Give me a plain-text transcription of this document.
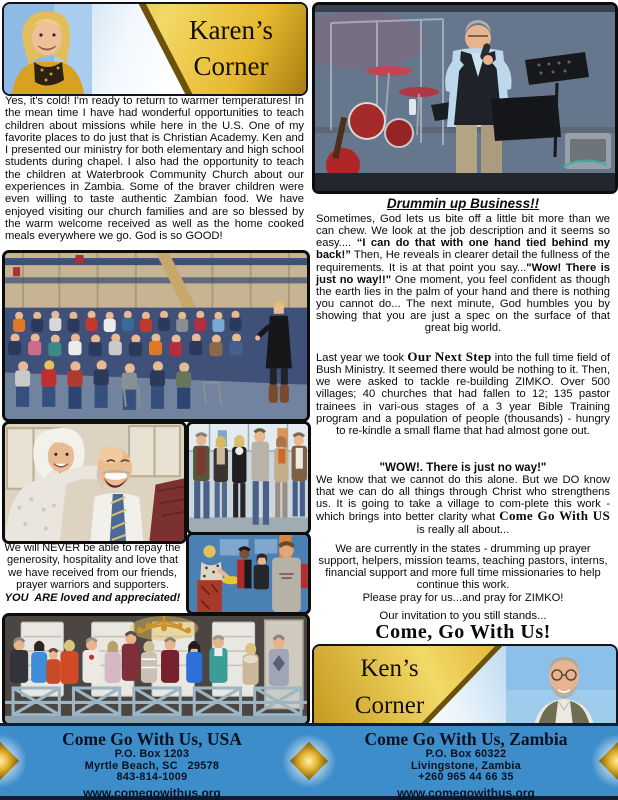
Karen’s
Corner

Yes, it's cold! I'm ready to return to warmer temperatures! In the mean time I have had wonderful opportunities to teach children about missions while here in the U.S. One of my favorite places to do just that is Christian Academy. Ken and I presented our ministry for both elementary and high school students during chapel. I also had the opportunity to teach the children at Waterbrook Community Church about our experiences in Zambia. Some of the braver children were even willing to taste authentic Zambian food. We have enjoyed visiting our church families and are so blessed by the warm welcome received as well as the home cooked meals everywhere we go. God is so GOOD!

We will NEVER be able to repay the generosity, hospitality and love that we have received from our friends, prayer warriors and supporters.
YOU  ARE loved and appreciated!
Drummin up Business!!

Sometimes, God lets us bite off a little bit more than we can chew. We look at the job description and it seems so easy.... “I can do that with one hand tied behind my back!” Then, He reveals in clearer detail the fullness of the requirements. It is at that point you say..."Wow! There is just no way!!" One moment, you feel confident as though the earth lies in the palm of your hand and there is nothing you cannot do... The next minute, God humbles you by showing that you are just a spec on the surface of that great big world.

Last year we took Our Next Step into the full time field of Bush Ministry. It seemed there would be nothing to it. Then, we were asked to tackle re-building ZIMKO. Over 500 villages; 40 churches that had fallen to 12; 135 pastor trainees in vari-ous stages of a 3 year Bible Training program and a population of people (thousands) - hungry to re-kindle a small flame that had almost gone out.

"WOW!. There is just no way!"

We know that we cannot do this alone. But we DO know that we can do all things through Christ who strengthens us. It is going to take a village to com-plete this work - which brings into better clarity what Come Go With US is really all about...

We are currently in the states - drumming up prayer support, helpers, mission teams, teaching pastors, interns, financial support and more full time missionaries to help continue this work.
Please pray for us...and pray for ZIMKO!

Our invitation to you still stands...

Come, Go With Us!

Ken’s
Corner
Come Go With Us, USA
P.O. Box 1203
Myrtle Beach, SC   29578
843-814-1009
www.comegowithus.org
Come Go With Us, Zambia
P.O. Box 60322
Livingstone, Zambia
+260 965 44 66 35
www.comegowithus.org
